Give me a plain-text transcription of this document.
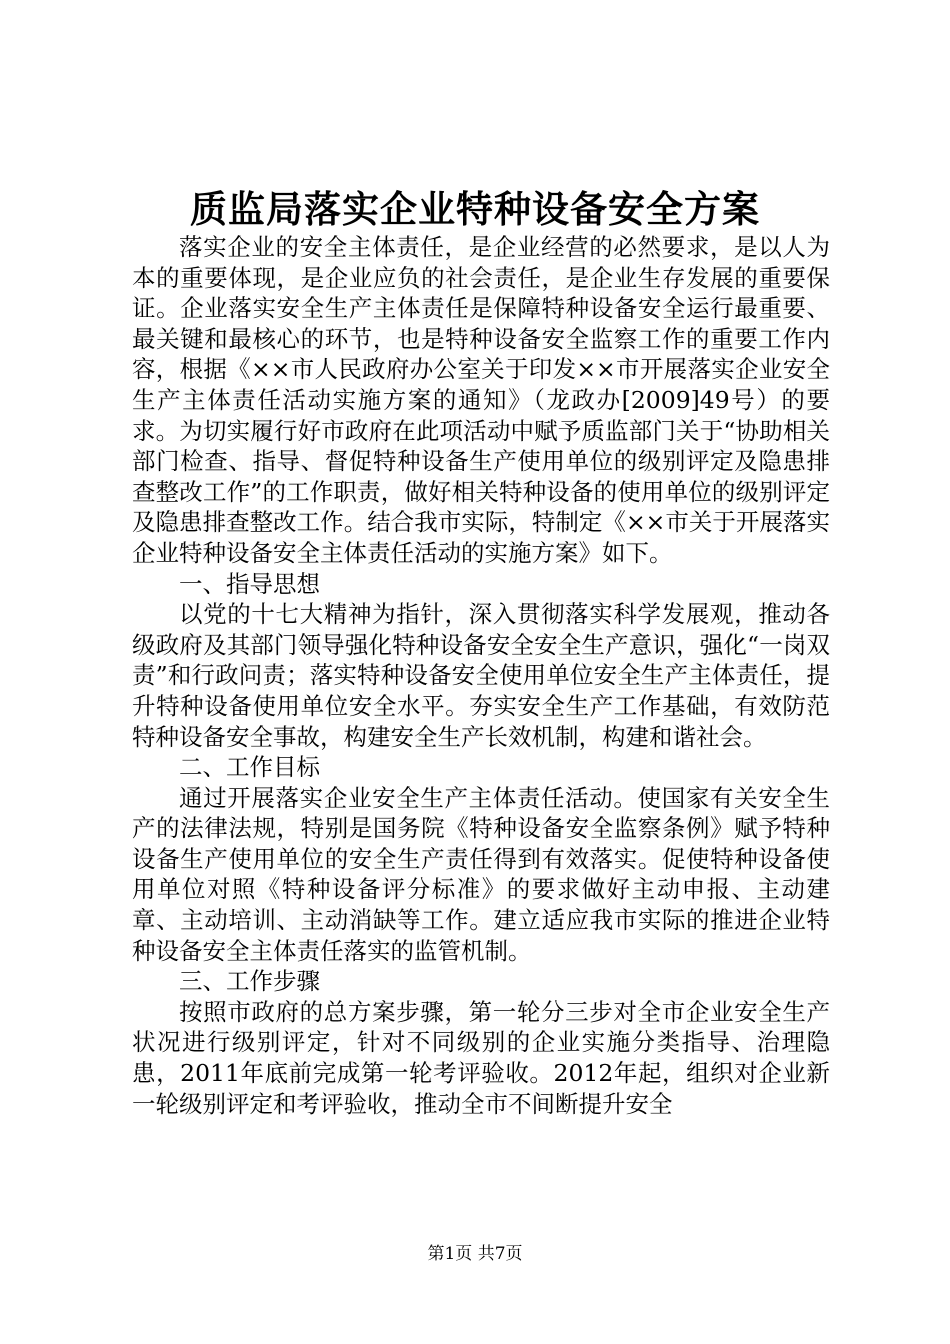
质监局落实企业特种设备安全方案

落实企业的安全主体责任，是企业经营的必然要求，是以人为本的重要体现，是企业应负的社会责任，是企业生存发展的重要保证。企业落实安全生产主体责任是保障特种设备安全运行最重要、最关键和最核心的环节，也是特种设备安全监察工作的重要工作内容，根据《××市人民政府办公室关于印发××市开展落实企业安全生产主体责任活动实施方案的通知》（龙政办[2009]49号）的要求。为切实履行好市政府在此项活动中赋予质监部门关于“协助相关部门检查、指导、督促特种设备生产使用单位的级别评定及隐患排查整改工作”的工作职责，做好相关特种设备的使用单位的级别评定及隐患排查整改工作。结合我市实际，特制定《××市关于开展落实企业特种设备安全主体责任活动的实施方案》如下。

一、指导思想

以党的十七大精神为指针，深入贯彻落实科学发展观，推动各级政府及其部门领导强化特种设备安全安全生产意识，强化“一岗双责”和行政问责；落实特种设备安全使用单位安全生产主体责任，提升特种设备使用单位安全水平。夯实安全生产工作基础，有效防范特种设备安全事故，构建安全生产长效机制，构建和谐社会。

二、工作目标

通过开展落实企业安全生产主体责任活动。使国家有关安全生产的法律法规，特别是国务院《特种设备安全监察条例》赋予特种设备生产使用单位的安全生产责任得到有效落实。促使特种设备使用单位对照《特种设备评分标准》的要求做好主动申报、主动建章、主动培训、主动消缺等工作。建立适应我市实际的推进企业特种设备安全主体责任落实的监管机制。

三、工作步骤

按照市政府的总方案步骤，第一轮分三步对全市企业安全生产状况进行级别评定，针对不同级别的企业实施分类指导、治理隐患，2011年底前完成第一轮考评验收。2012年起，组织对企业新一轮级别评定和考评验收，推动全市不间断提升安全

第1页 共7页
